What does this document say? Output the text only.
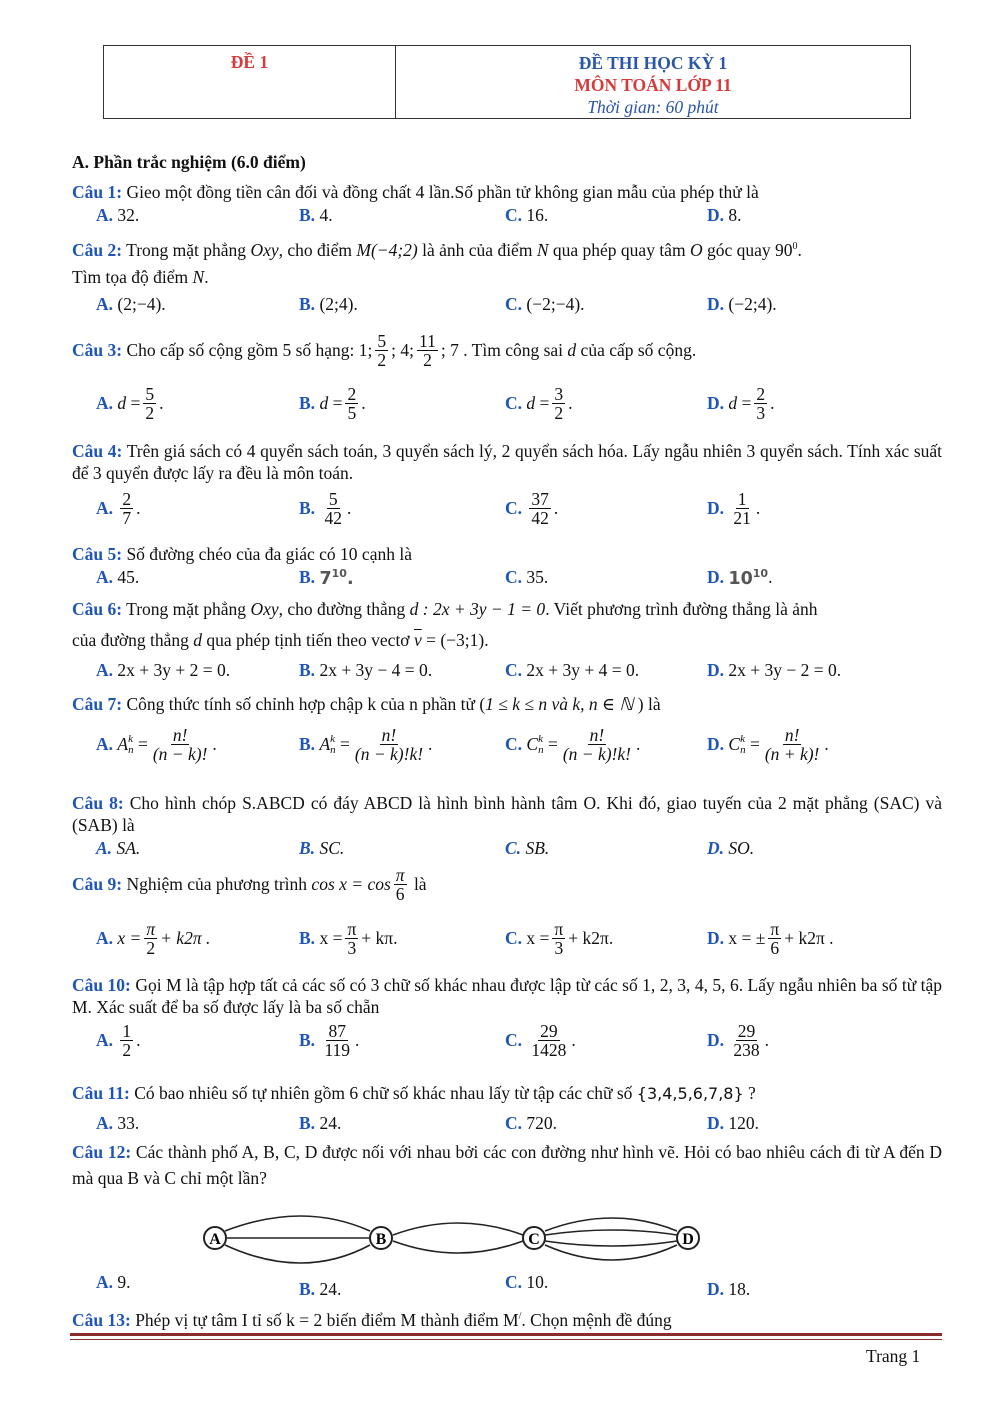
ĐỀ 1	ĐỀ THI HỌC KỲ 1
MÔN TOÁN LỚP 11
Thời gian: 60 phút
A. Phần trắc nghiệm (6.0 điểm)
Câu 1: Gieo một đồng tiền cân đối và đồng chất 4 lần.Số phần tử không gian mẫu của phép thử là
A.
32.	B.
4.	C.
16.	D.
8.
Câu 2: Trong mặt phẳng Oxy, cho điểm M(−4;2) là ảnh của điểm N qua phép quay tâm O góc quay $90^0$.
Tìm tọa độ điểm N.
A.
(2;−4) .	B.
(2;4) .	C.
(−2;−4) .	D.
(−2;4) .
Câu 3:
Cho cấp số cộng gồm 5 số hạng: 1; $\frac{5}{2}$ ; 4; $\frac{11}{2}$ ; 7 . Tìm công sai
d
của cấp số cộng.
A.
$d = \frac{5}{2}$ .	B.
$d = \frac{2}{5}$ .	C.
$d = \frac{3}{2}$ .	D.
$d = \frac{2}{3}$ .
Câu 4: Trên giá sách có 4 quyển sách toán, 3 quyển sách lý, 2 quyển sách hóa. Lấy ngẫu nhiên 3 quyển sách. Tính xác suất để 3 quyển được lấy ra đều là môn toán.
A.
$\frac{2}{7}$ .	B.
$\frac{5}{42}$ .	C.
$\frac{37}{42}$ .	D.
$\frac{1}{21}$ .
Câu 5: Số đường chéo của đa giác có 10 cạnh là
A.
45.	B.
$7^{10}$.	C.
35.	D.
$10^{10}$ .
Câu 6: Trong mặt phẳng Oxy, cho đường thẳng d : 2x + 3y − 1 = 0. Viết phương trình đường thẳng là ảnh
của đường thẳng d qua phép tịnh tiến theo vectơ $\overline{v}$ = (−3;1).
A.
2x + 3y + 2 = 0.	B.
2x + 3y − 4 = 0.	C.
2x + 3y + 4 = 0.	D.
2x + 3y − 2 = 0.
Câu 7: Công thức tính số chỉnh hợp chập k của n phần tử (1 ≤ k ≤ n và k, n ∈ ℕ ) là
A.
A k
$n = \frac{n!}{(n - k)!}$ .	B.
A k
$n = \frac{n!}{(n - k)!k!}$ .	C.
C k
$n = \frac{n!}{(n - k)!k!}$ .	D.
C k
$n = \frac{n!}{(n + k)!}$ .
Câu 8: Cho hình chóp S.ABCD có đáy ABCD là hình bình hành tâm O. Khi đó, giao tuyến của 2 mặt phẳng (SAC) và (SAB) là
A.
SA.	B.
SC.	C.
SB.	D.
SO.
Câu 9:
Nghiệm của phương trình
$\cos x = \cos \frac{\pi}{6}$
là
A.
$x = \frac{\pi}{2} + k2\pi$ .	B.
$x = \frac{\pi}{3} + k\pi$.	C.
$x = \frac{\pi}{3} + k2\pi$.	D.
x = ± $\frac{\pi}{6} + k2\pi$ .
Câu 10: Gọi M là tập hợp tất cả các số có 3 chữ số khác nhau được lập từ các số 1, 2, 3, 4, 5, 6. Lấy ngẫu nhiên ba số từ tập M. Xác suất để ba số được lấy là ba số chẵn
A.
$\frac{1}{2}$ .	B.
$\frac{87}{119}$ .	C.
$\frac{29}{1428}$ .	D.
$\frac{29}{238}$ .
Câu 11: Có bao nhiêu số tự nhiên gồm 6 chữ số khác nhau lấy từ tập các chữ số {3,4,5,6,7,8} ?
A.
33.	B.
24.	C.
720.	D.
120.
Câu 12: Các thành phố A, B, C, D được nối với nhau bởi các con đường như hình vẽ. Hỏi có bao nhiêu cách đi từ A đến D mà qua B và C chỉ một lần?
A	B	C	D
A.
9.	B.
24.	C.
10.	D.
18.
Câu 13: Phép vị tự tâm I tỉ số k = 2 biến điểm M thành điểm M/. Chọn mệnh đề đúng
Trang 1
